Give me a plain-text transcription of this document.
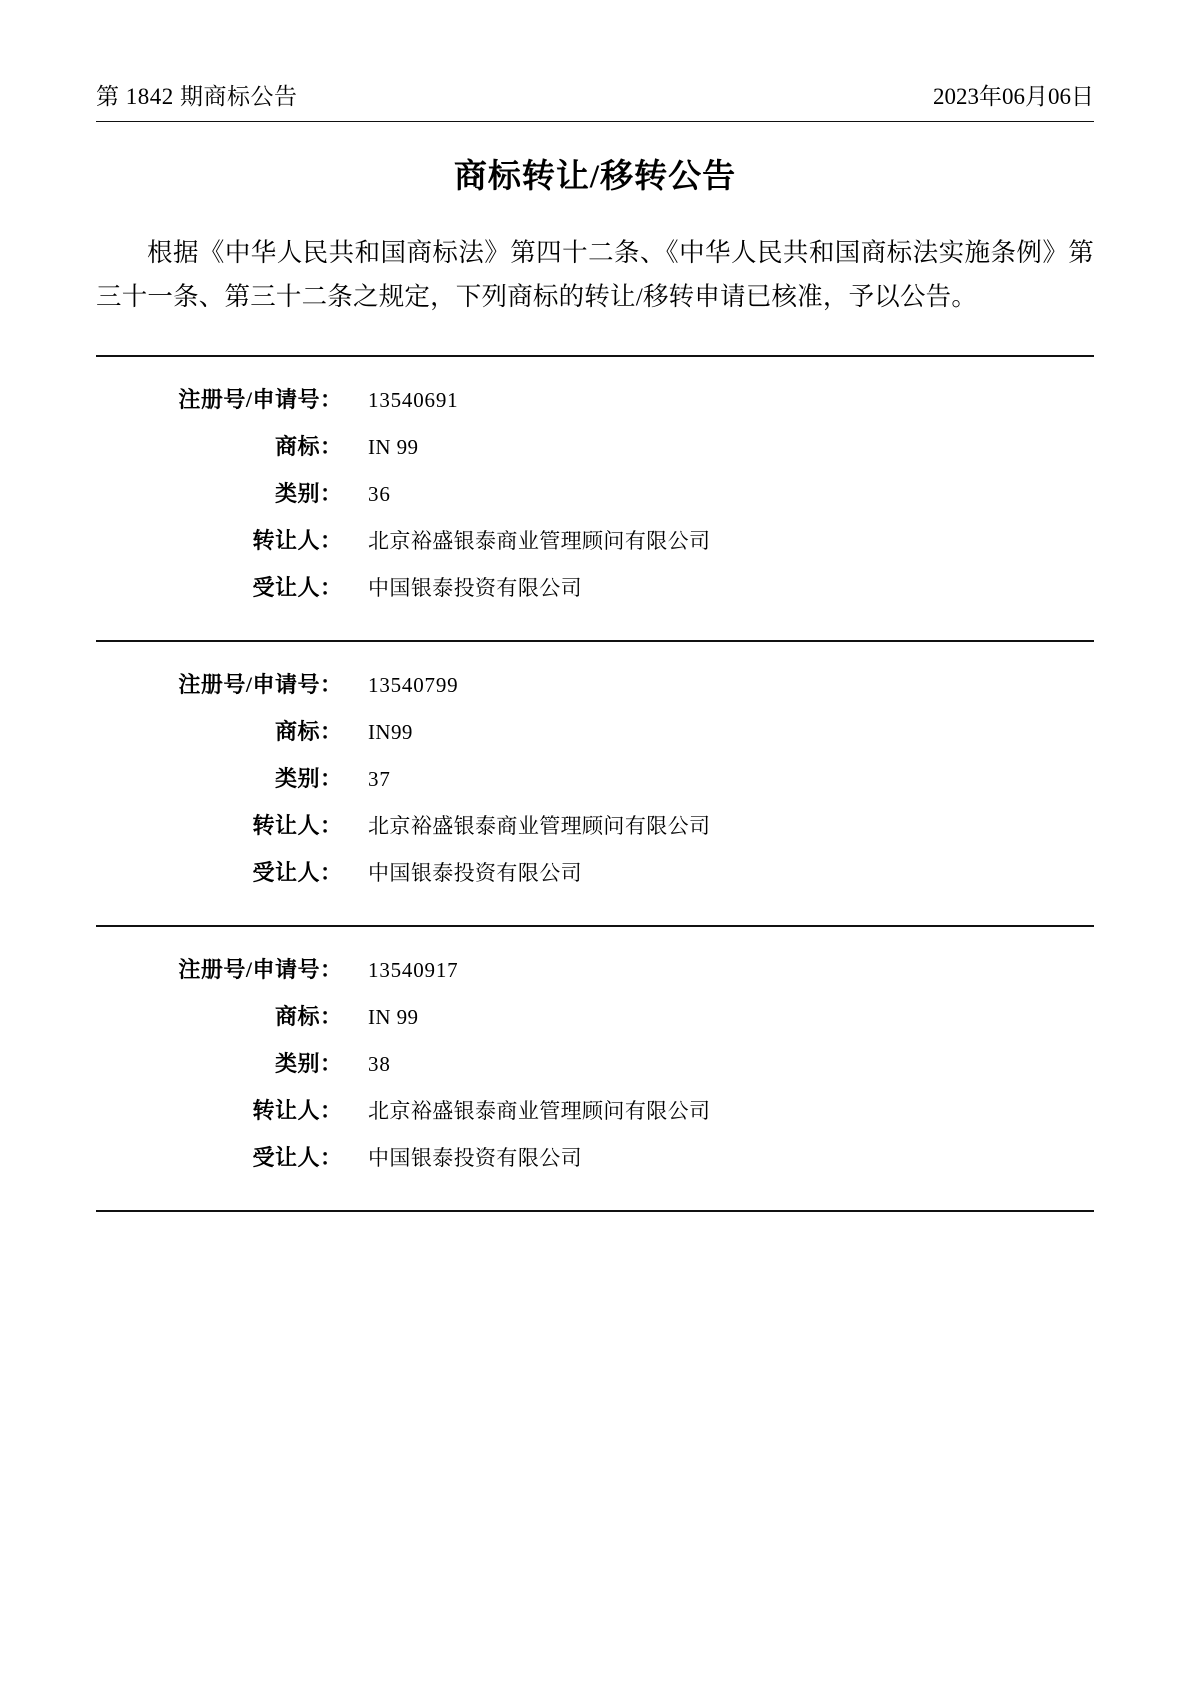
第 1842 期商标公告	2023年06月06日
商标转让/移转公告
根据《中华人民共和国商标法》第四十二条、《中华人民共和国商标法实施条例》第三十一条、第三十二条之规定，下列商标的转让/移转申请已核准，予以公告。
注册号/申请号 ：	13540691
商标 ：	IN 99
类别 ：	36
转让人 ：	北京裕盛银泰商业管理顾问有限公司
受让人 ：	中国银泰投资有限公司
注册号/申请号 ：	13540799
商标 ：	IN99
类别 ：	37
转让人 ：	北京裕盛银泰商业管理顾问有限公司
受让人 ：	中国银泰投资有限公司
注册号/申请号 ：	13540917
商标 ：	IN 99
类别 ：	38
转让人 ：	北京裕盛银泰商业管理顾问有限公司
受让人 ：	中国银泰投资有限公司
